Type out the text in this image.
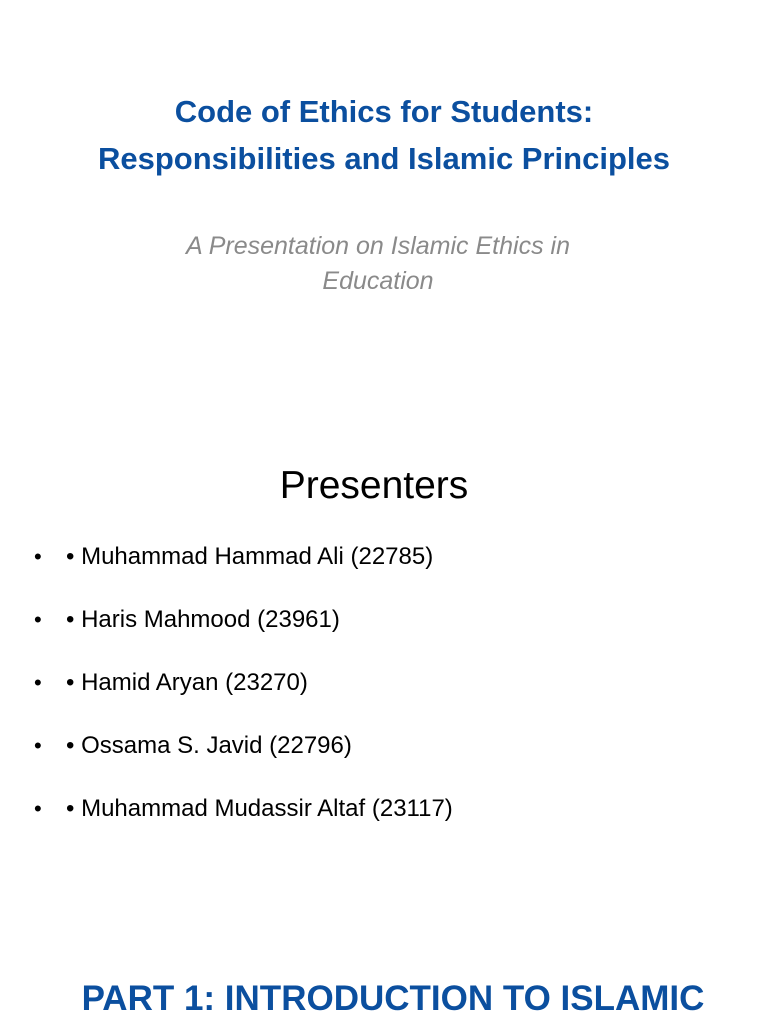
Code of Ethics for Students:
Responsibilities and Islamic Principles

A Presentation on Islamic Ethics in
Education

Presenters
• • Muhammad Hammad Ali (22785)
• • Haris Mahmood (23961)
• • Hamid Aryan (23270)
• • Ossama S. Javid (22796)
• • Muhammad Mudassir Altaf (23117)
PART 1: INTRODUCTION TO ISLAMIC
